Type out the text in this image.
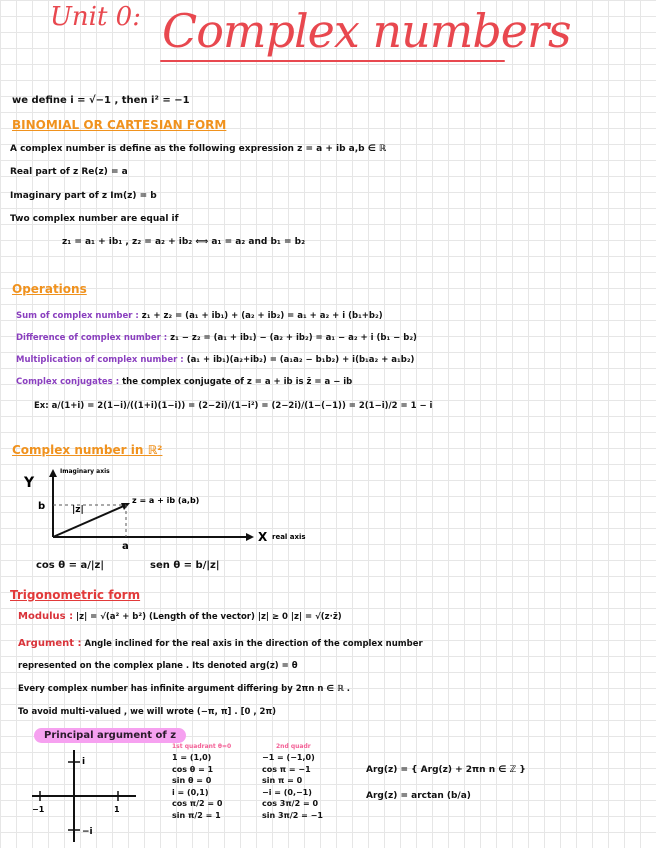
Unit 0: Complex numbers
we define i = √−1 , then i² = −1
BINOMIAL OR CARTESIAN FORM
A complex number is define as the following expression z = a + ib a,b ∈ ℝ
Real part of z Re(z) = a
Imaginary part of z Im(z) = b
Two complex number are equal if
z₁ = a₁ + ib₁ , z₂ = a₂ + ib₂ ⟺ a₁ = a₂ and b₁ = b₂
Operations
Sum of complex number : z₁ + z₂ = (a₁ + ib₁) + (a₂ + ib₂) = a₁ + a₂ + i (b₁+b₂)
Difference of complex number : z₁ − z₂ = (a₁ + ib₁) − (a₂ + ib₂) = a₁ − a₂ + i (b₁ − b₂)
Multiplication of complex number : (a₁ + ib₁)(a₂+ib₂) = (a₁a₂ − b₁b₂) + i(b₁a₂ + a₁b₂)
Complex conjugates : the complex conjugate of z = a + ib is z̄ = a − ib
Ex: a/(1+i) = 2(1−i)/((1+i)(1−i)) = (2−2i)/(1−i²) = (2−2i)/(1−(−1)) = 2(1−i)/2 = 1 − i
Complex number in ℝ²
Y
Imaginary axis
b	|z|
z = a + ib (a,b)
a
X real axis
cos θ = a/|z|	sen θ = b/|z|
Trigonometric form
Modulus : |z| = √(a² + b²) (Length of the vector) |z| ≥ 0 |z| = √(z·z̄)
Argument : Angle inclined for the real axis in the direction of the complex number
represented on the complex plane . Its denoted arg(z) = θ
Every complex number has infinite argument differing by 2πn n ∈ ℝ .
To avoid multi-valued , we will wrote (−π, π] . [0 , 2π)
Principal argument of z
1st quadrant θ=0	2nd quadr
i
−i
−1	1
1 = (1,0)
cos θ = 1
sin θ = 0
i = (0,1)
cos π/2 = 0
sin π/2 = 1
−1 = (−1,0)
cos π = −1
sin π = 0
−i = (0,−1)
cos 3π/2 = 0
sin 3π/2 = −1
Arg(z) = { Arg(z) + 2πn n ∈ ℤ }
Arg(z) = arctan (b/a)
